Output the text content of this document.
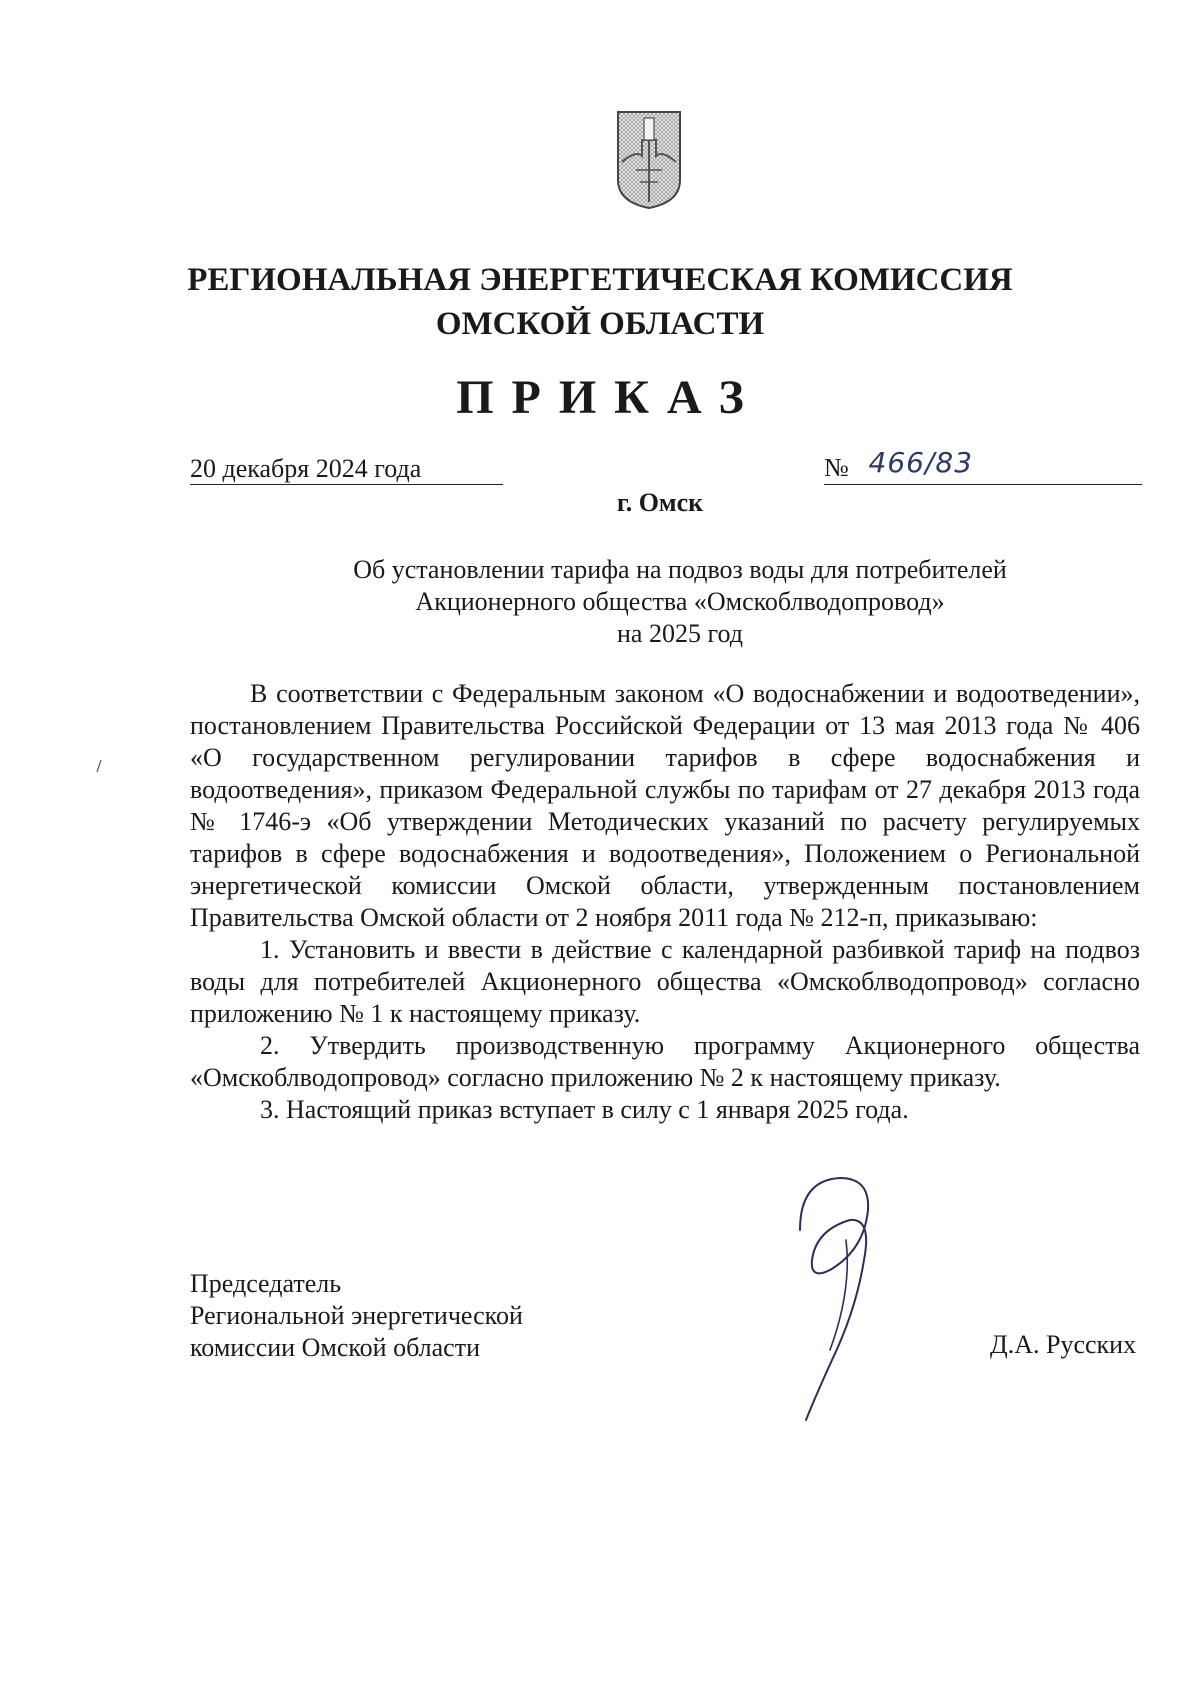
РЕГИОНАЛЬНАЯ ЭНЕРГЕТИЧЕСКАЯ КОМИССИЯ
ОМСКОЙ ОБЛАСТИ
ПРИКАЗ
20 декабря 2024 года	№ 466/83
г. Омск
Об установлении тарифа на подвоз воды для потребителей
Акционерного общества «Омскоблводопровод»
на 2025 год

В соответствии с Федеральным законом «О водоснабжении и водоотведении», постановлением Правительства Российской Федерации от 13 мая 2013 года № 406 «О государственном регулировании тарифов в сфере водоснабжения и водоотведения», приказом Федеральной службы по тарифам от 27 декабря 2013 года № 1746-э «Об утверждении Методических указаний по расчету регулируемых тарифов в сфере водоснабжения и водоотведения», Положением о Региональной энергетической комиссии Омской области, утвержденным постановлением Правительства Омской области от 2 ноября 2011 года № 212-п, приказываю:

1. Установить и ввести в действие с календарной разбивкой тариф на подвоз воды для потребителей Акционерного общества «Омскоблводопровод» согласно приложению № 1 к настоящему приказу.

2. Утвердить производственную программу Акционерного общества «Омскоблводопровод» согласно приложению № 2 к настоящему приказу.

3. Настоящий приказ вступает в силу с 1 января 2025 года.

Председатель
Региональной энергетической
комиссии Омской области	Д.А. Русских
